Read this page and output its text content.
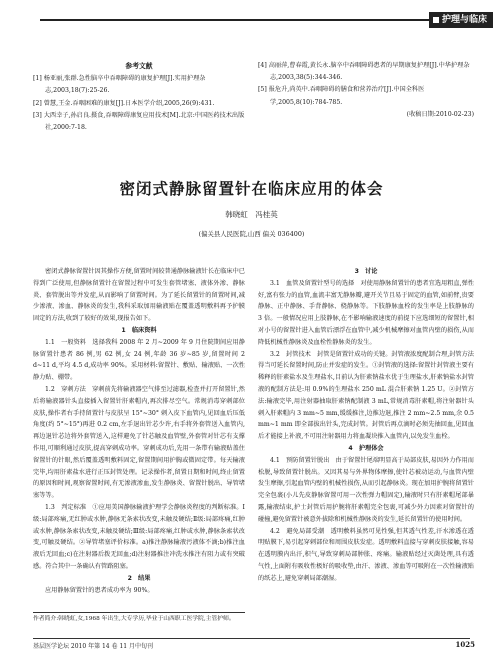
护理与临床
参考文献
[1] 杨亚丽,张群.急性脑卒中吞咽障碍的康复护理[J].实用护理杂志,2003,18(7):25-26.
[2] 曾慧,王金.吞咽困难的康复[J].日本医学介绍,2005,26(9):431.
[3] 大西幸子,孙启良.摄食,吞咽障碍康复应用技术[M].北京:中国医药技术出版社,2000:7-18.
[4] 高丽萍,曹春霞,黄长永.脑卒中吞咽障碍患者的早期康复护理[J].中华护理杂志,2003,38(5):344-346.
[5] 报危升,尚英中.吞咽障碍的膳食和营养治疗[J].中国全科医学,2005,8(10):784-785.
(收稿日期:2010-02-23)
密闭式静脉留置针在临床应用的体会
韩晓虹　冯桂英
(偏关县人民医院,山西 偏关 036400)

密闭式静脉留置针因其操作方便,留置时间较普通静脉输液针长在临床中已得到广泛使用,但静脉留置针在留置过程中可发生套管堵塞、液体外渗、静脉炎、套管脱出等并发症,从而影响了留置时间。为了延长留置针的留置时间,减少渗液、渗血、静脉炎的发生,我科采取加用输液贴在覆盖透明敷料再予护膜固定的方法,收到了较好的效果,现报告如下。

1　临床资料

1.1　一般资料　选择我科 2008 年 2 月~2009 年 9 月住院期间应用静脉留置针患者 86 例,男 62 例,女 24 例,年龄 36 岁~85 岁,留置时间 2 d~11 d,平均 4.5 d,成功率 90%。采用材料:留置针、敷贴、输液贴、一次性静力贴、棚带。

1.2　穿刺方法　穿刺前先将输液器空气排至过滤器,检查并打开留置针,然后将输液器针头直接插入留置针肝素帽内,再次排尽空气。常规消毒穿刺部位皮肤,操作者右手持留置针与皮肤呈 15°~30° 刺入皮下血管内,见回血后压低角度(约 5°~15°)再进 0.2 cm,左手退出针芯少许,右手将外套管送入血管内,再边退针芯边将外套管送入,这样避免了针芯触及血管壁,外套管对针芯有支撑作用,可顺利通过皮肤,提高穿刺成功率。穿刺成功后,先用一条带有输液贴盖住留置针的针眼,然后覆盖透明敷料固定,留置期间用护胸或微固定带。每天输液完毕,均用肝素盐水进行正压封管处理。记录操作者,留置日期和时间,终止留置的原因和时间,观察留置时间,有无渗液渗血,发生静脉炎、留置针脱出、导管堵塞等等。

1.3　判定标准　①应用美国静脉输液护理学会静脉炎程度的判断标准。I 级:局部疼痛,无红肿或水肿,静脉无条索状改变,未触及硬结;Ⅱ级:局部疼痛,红肿或水肿,静脉条索状改变,未触及硬结;Ⅲ级:局部疼痛,红肿或水肿,静脉条索状改变,可触及硬结。②导管堵塞评价标准。a)推注静脉输液污液体不滴;b)推注血液后无回血;c)在注射器后拨无回血;d)注射器推注冲洗水推注有阻力或有突破感。符合其中一条确认有管路阻塞。

2　结果

应用静脉留置针的患者成功率为 90%。

3　讨论

3.1　血管及留置针型号的选择　对使用静脉留置针的患者宜选用粗直,弹性好,富有张力的血管,血流丰富无静脉瓣,避开关节且易于固定的血管,如前臂,贵要静脉、正中静脉、手背静脉、桡静脉等。下肢静脉血栓的发生率是上肢静脉的 3 倍。一般情况应用上肢静脉,在不影响输液速度的前提下应选细短的留置针,相对小号的留置针进入血管后漂浮在血管中,减少机械摩擦对血管内壁的损伤,从而降低机械性静脉炎及血栓性静脉炎的发生。

3.2　封管技术　封管是留置针成功的关键。封管液浓度配制合理,封管方法得当可延长留置时间,防止并发症的发生。①封管液的选择:留置针封管液主要有稀释的肝素盐水及生理盐水,目前认为肝素钠盐水优于生理盐水,肝素钠盐水封管液的配制方法是:用 0.9%的生理盐水 250 mL 混合肝素钠 1.25 U。②封管方法:输液完毕,用注射器抽取肝素钠配制液 3 mL,常规消毒肝素帽,将注射器针头刺入肝素帽内 3 mm~5 mm,缓缓推注,边推边退,推注 2 mm~2.5 mm,余 0.5 mm~1 mm 即全部拔出针头,完成封管。封管后再点滴时必须先抽回血,见回血后才能接上补液,不可用注射器用力将血凝块推入血管内,以免发生血栓。

4　护理体会

4.1　预防留置针脱出　由于留置针尾端明显高于局部皮肤,易因外力作用而松脱,导致留置针脱出。又因其易与外界物体摩擦,使针芯被动运动,与血管内壁发生摩擦,引起血管内壁的机械性损伤,从而引起静脉炎。现在加用护腕将留置针完全包裹(小儿先皮静脉留置可用一次性弹力帽固定),输液时只有肝素帽尾部暴露,输液结束,护士封管后用护腕将肝素帽完全包裹,可减少外力因素对留置针的碰撞,避免留置针被意外拔除和机械性静脉炎的发生,延长留置针的使用时间。

4.2　避免局部受潮　透明敷料虽然可见性强,但其透气性差,汗水渗透在透明贴膜下,易引起穿刺部位和周围皮肤发症。透明敷料直接与穿刺皮肤接触,容易在透明膜内出汗,积气,导致穿刺局部肿胀、疼痛。输液贴经过灭菌处理,具有透气性,上面附有吸收性极好的吸收垫,由汗、渗液、渗血等可吸附在一次性输液贴的纸芯上,避免穿刺局部潮湿。

作者简介:韩晓虹,女,1968 年出生,大专学历,毕业于山西职工医学院,主管护师。
基层医学论坛 2010 年第 14 卷 11 月中旬刊	1025
